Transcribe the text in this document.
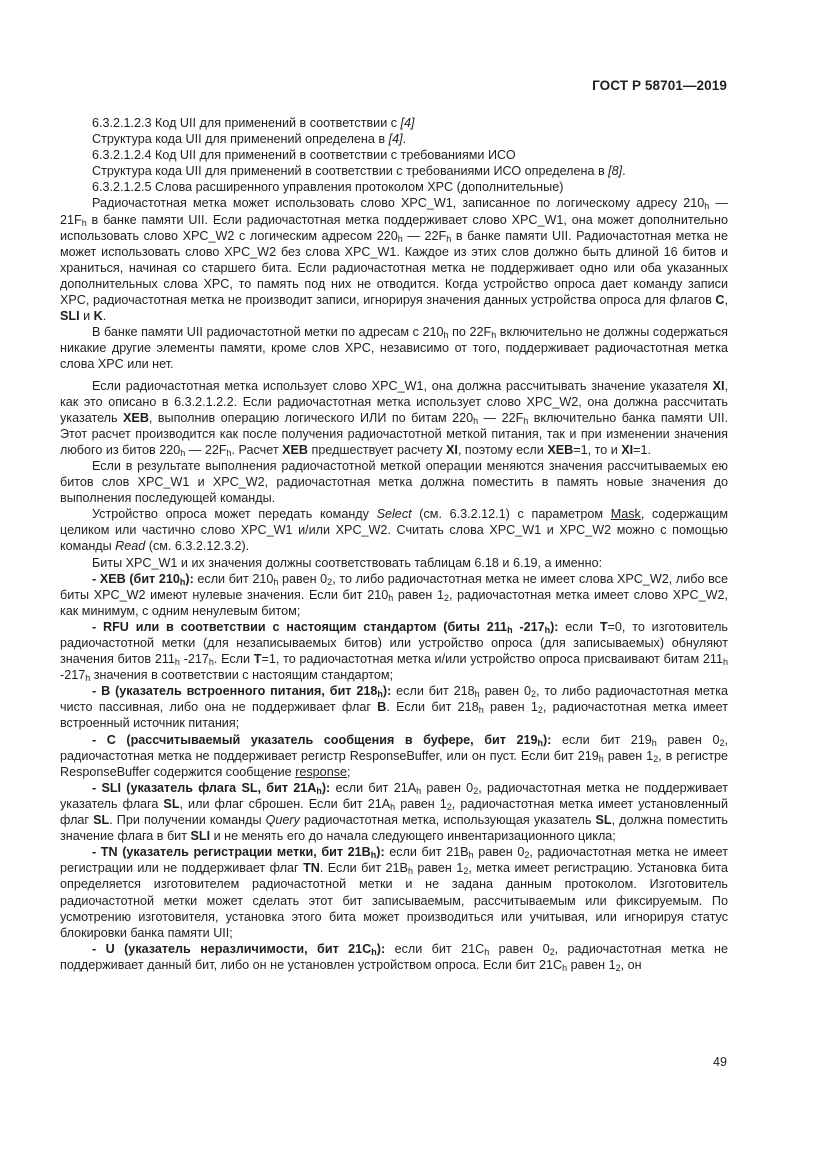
ГОСТ Р 58701—2019

6.3.2.1.2.3 Код UII для применений в соответствии с [4]

Структура кода UII для применений определена в [4].

6.3.2.1.2.4 Код UII для применений в соответствии с требованиями ИСО

Структура кода UII для применений в соответствии с требованиями ИСО определена в [8].

6.3.2.1.2.5 Слова расширенного управления протоколом XPC (дополнительные)

Радиочастотная метка может использовать слово XPC_W1, записанное по логическому адресу $210_h$ — $21F_h$ в банке памяти UII. Если радиочастотная метка поддерживает слово XPC_W1, она может дополнительно использовать слово XPC_W2 с логическим адресом $220_h$ — $22F_h$ в банке памяти UII. Радиочастотная метка не может использовать слово XPC_W2 без слова XPC_W1. Каждое из этих слов должно быть длиной 16 битов и храниться, начиная со старшего бита. Если радиочастотная метка не поддерживает одно или оба указанных дополнительных слова XPC, то память под них не отводится. Когда устройство опроса дает команду записи XPC, радиочастотная метка не производит записи, игнорируя значения данных устройства опроса для флагов C, SLI и K.

В банке памяти UII радиочастотной метки по адресам с $210_h$ по $22F_h$ включительно не должны содержаться никакие другие элементы памяти, кроме слов XPC, независимо от того, поддерживает радиочастотная метка слова XPC или нет.

Если радиочастотная метка использует слово XPC_W1, она должна рассчитывать значение указателя XI, как это описано в 6.3.2.1.2.2. Если радиочастотная метка использует слово XPC_W2, она должна рассчитать указатель XEB, выполнив операцию логического ИЛИ по битам $220_h$ — $22F_h$ включительно банка памяти UII. Этот расчет производится как после получения радиочастотной меткой питания, так и при изменении значения любого из битов $220_h$ — $22F_h$. Расчет XEB предшествует расчету XI, поэтому если XEB=1, то и XI=1.

Если в результате выполнения радиочастотной меткой операции меняются значения рассчитываемых ею битов слов XPC_W1 и XPC_W2, радиочастотная метка должна поместить в память новые значения до выполнения последующей команды.

Устройство опроса может передать команду Select (см. 6.3.2.12.1) с параметром Mask, содержащим целиком или частично слово XPC_W1 и/или XPC_W2. Считать слова XPC_W1 и XPC_W2 можно с помощью команды Read (см. 6.3.2.12.3.2).

Биты XPC_W1 и их значения должны соответствовать таблицам 6.18 и 6.19, а именно:

- XEB (бит $210_h$): если бит $210_h$ равен $0_2$, то либо радиочастотная метка не имеет слова XPC_W2, либо все биты XPC_W2 имеют нулевые значения. Если бит $210_h$ равен $1_2$, радиочастотная метка имеет слово XPC_W2, как минимум, с одним ненулевым битом;

- RFU или в соответствии с настоящим стандартом (биты $211_h$ $-217_h$): если T=0, то изготовитель радиочастотной метки (для незаписываемых битов) или устройство опроса (для записываемых) обнуляют значения битов $211_h$ $-217_h$. Если T=1, то радиочастотная метка и/или устройство опроса присваивают битам $211_h$ $-217_h$ значения в соответствии с настоящим стандартом;

- B (указатель встроенного питания, бит $218_h$): если бит $218_h$ равен $0_2$, то либо радиочастотная метка чисто пассивная, либо она не поддерживает флаг B. Если бит $218_h$ равен $1_2$, радиочастотная метка имеет встроенный источник питания;

- C (рассчитываемый указатель сообщения в буфере, бит $219_h$): если бит $219_h$ равен $0_2$, радиочастотная метка не поддерживает регистр ResponseBuffer, или он пуст. Если бит $219_h$ равен $1_2$, в регистре ResponseBuffer содержится сообщение response;

- SLI (указатель флага SL, бит $21A_h$): если бит $21A_h$ равен $0_2$, радиочастотная метка не поддерживает указатель флага SL, или флаг сброшен. Если бит $21A_h$ равен $1_2$, радиочастотная метка имеет установленный флаг SL. При получении команды Query радиочастотная метка, использующая указатель SL, должна поместить значение флага в бит SLI и не менять его до начала следующего инвентаризационного цикла;

- TN (указатель регистрации метки, бит $21B_h$): если бит $21B_h$ равен $0_2$, радиочастотная метка не имеет регистрации или не поддерживает флаг TN. Если бит $21B_h$ равен $1_2$, метка имеет регистрацию. Установка бита определяется изготовителем радиочастотной метки и не задана данным протоколом. Изготовитель радиочастотной метки может сделать этот бит записываемым, рассчитываемым или фиксируемым. По усмотрению изготовителя, установка этого бита может производиться или учитывая, или игнорируя статус блокировки банка памяти UII;

- U (указатель неразличимости, бит $21C_h$): если бит $21C_h$ равен $0_2$, радиочастотная метка не поддерживает данный бит, либо он не установлен устройством опроса. Если бит $21C_h$ равен $1_2$, он

49
